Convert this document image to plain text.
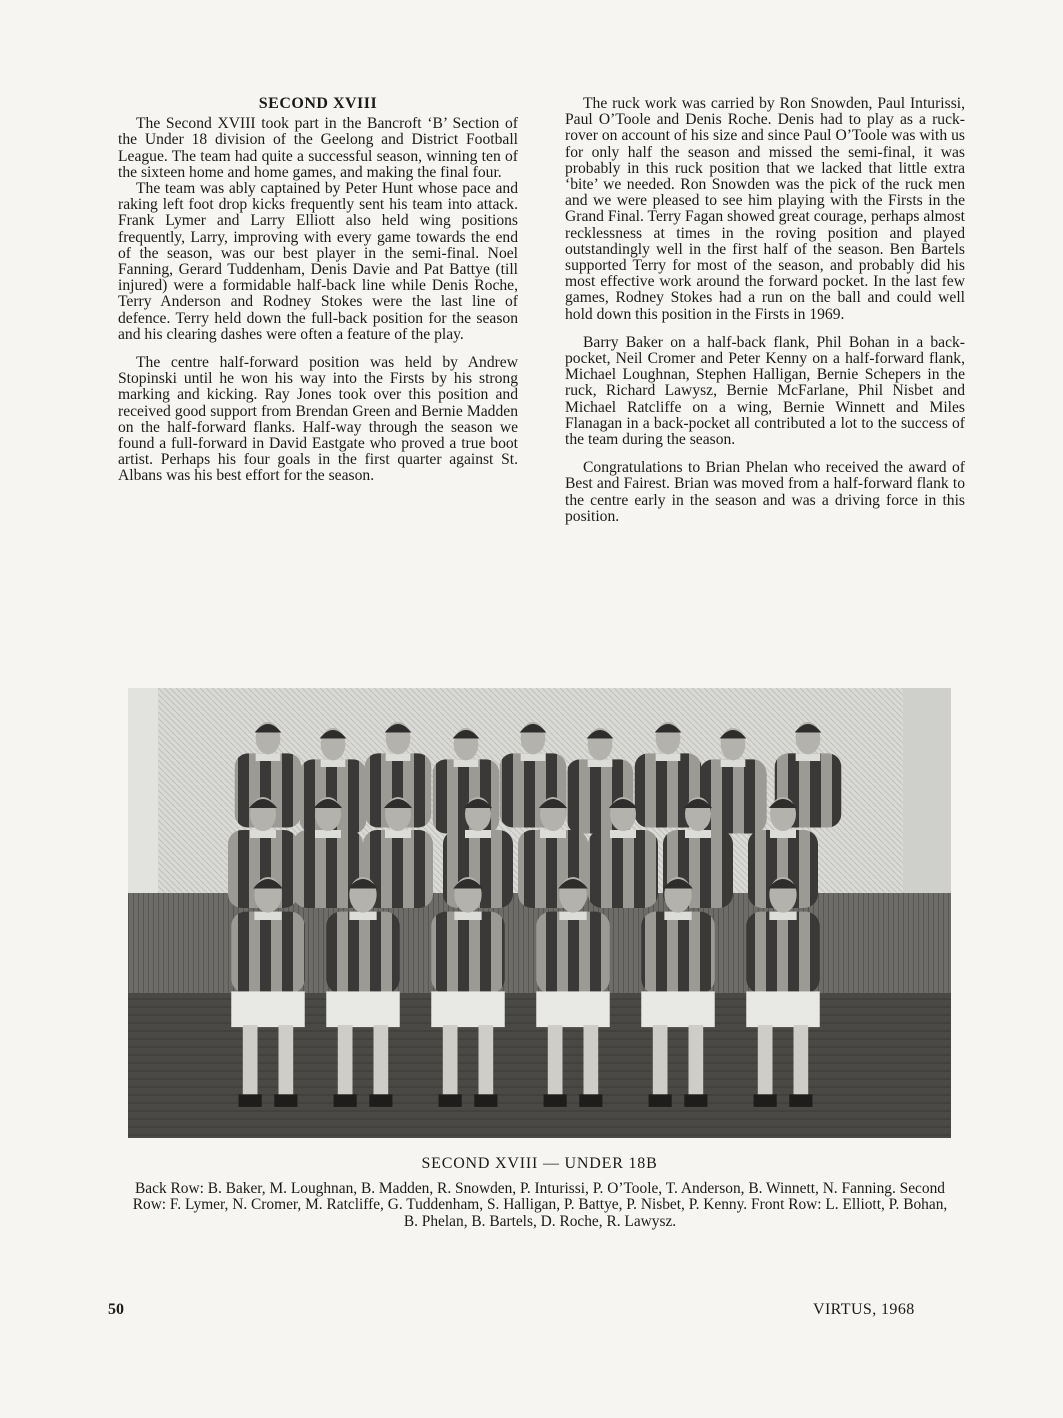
SECOND XVIII

The Second XVIII took part in the Bancroft ‘B’ Section of the Under 18 division of the Geelong and District Football League. The team had quite a successful season, winning ten of the sixteen home and home games, and making the final four.

The team was ably captained by Peter Hunt whose pace and raking left foot drop kicks frequently sent his team into attack. Frank Lymer and Larry Elliott also held wing positions frequently, Larry, improving with every game towards the end of the season, was our best player in the semi-final. Noel Fanning, Gerard Tuddenham, Denis Davie and Pat Battye (till injured) were a formidable half-back line while Denis Roche, Terry Anderson and Rodney Stokes were the last line of defence. Terry held down the full-back position for the season and his clearing dashes were often a feature of the play.

The centre half-forward position was held by Andrew Stopinski until he won his way into the Firsts by his strong marking and kicking. Ray Jones took over this position and received good support from Brendan Green and Bernie Madden on the half-forward flanks. Half-way through the season we found a full-forward in David Eastgate who proved a true boot artist. Perhaps his four goals in the first quarter against St. Albans was his best effort for the season.

The ruck work was carried by Ron Snowden, Paul Inturissi, Paul O’Toole and Denis Roche. Denis had to play as a ruck-rover on account of his size and since Paul O’Toole was with us for only half the season and missed the semi-final, it was probably in this ruck position that we lacked that little extra ‘bite’ we needed. Ron Snowden was the pick of the ruck men and we were pleased to see him playing with the Firsts in the Grand Final. Terry Fagan showed great courage, perhaps almost recklessness at times in the roving position and played outstandingly well in the first half of the season. Ben Bartels supported Terry for most of the season, and probably did his most effective work around the forward pocket. In the last few games, Rodney Stokes had a run on the ball and could well hold down this position in the Firsts in 1969.

Barry Baker on a half-back flank, Phil Bohan in a back-pocket, Neil Cromer and Peter Kenny on a half-forward flank, Michael Loughnan, Stephen Halligan, Bernie Schepers in the ruck, Richard Lawysz, Bernie McFarlane, Phil Nisbet and Michael Ratcliffe on a wing, Bernie Winnett and Miles Flanagan in a back-pocket all contributed a lot to the success of the team during the season.

Congratulations to Brian Phelan who received the award of Best and Fairest. Brian was moved from a half-forward flank to the centre early in the season and was a driving force in this position.

SECOND XVIII — UNDER 18B
Back Row: B. Baker, M. Loughnan, B. Madden, R. Snowden, P. Inturissi, P. O’Toole, T. Anderson, B. Winnett, N. Fanning. Second Row: F. Lymer, N. Cromer, M. Ratcliffe, G. Tuddenham, S. Halligan, P. Battye, P. Nisbet, P. Kenny. Front Row: L. Elliott, P. Bohan, B. Phelan, B. Bartels, D. Roche, R. Lawysz.
50	VIRTUS, 1968
